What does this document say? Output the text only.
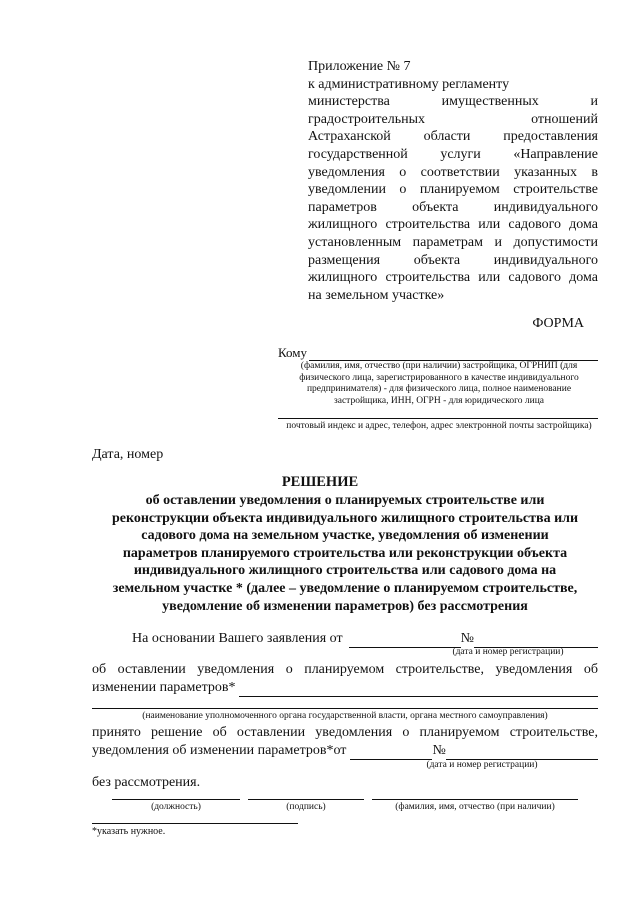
Приложение № 7
к административному регламенту
министерства имущественных и
градостроительных отношений
Астраханской области предоставления
государственной услуги «Направление
уведомления о соответствии указанных в
уведомлении о планируемом строительстве
параметров объекта индивидуального
жилищного строительства или садового дома
установленным параметрам и допустимости
размещения объекта индивидуального
жилищного строительства или садового дома
на земельном участке»
ФОРМА
Кому
(фамилия, имя, отчество (при наличии) застройщика, ОГРНИП (для физического лица, зарегистрированного в качестве индивидуального предпринимателя) - для физического лица, полное наименование застройщика, ИНН, ОГРН - для юридического лица
почтовый индекс и адрес, телефон, адрес электронной почты застройщика)
Дата, номер
РЕШЕНИЕ
об оставлении уведомления о планируемых строительстве или
реконструкции объекта индивидуального жилищного строительства или
садового дома на земельном участке, уведомления об изменении
параметров планируемого строительства или реконструкции объекта
индивидуального жилищного строительства или садового дома на
земельном участке * (далее – уведомление о планируемом строительстве,
уведомление об изменении параметров) без рассмотрения
На основании Вашего заявления от	№
(дата и номер регистрации)
об оставлении уведомления о планируемом строительстве, уведомления об
изменении параметров*
(наименование уполномоченного органа государственной власти, органа местного самоуправления)
принято решение об оставлении уведомления о планируемом строительстве,
уведомления об изменении параметров*от	№
(дата и номер регистрации)
без рассмотрения.
(должность)	(подпись)	(фамилия, имя, отчество (при наличии)
*указать нужное.
